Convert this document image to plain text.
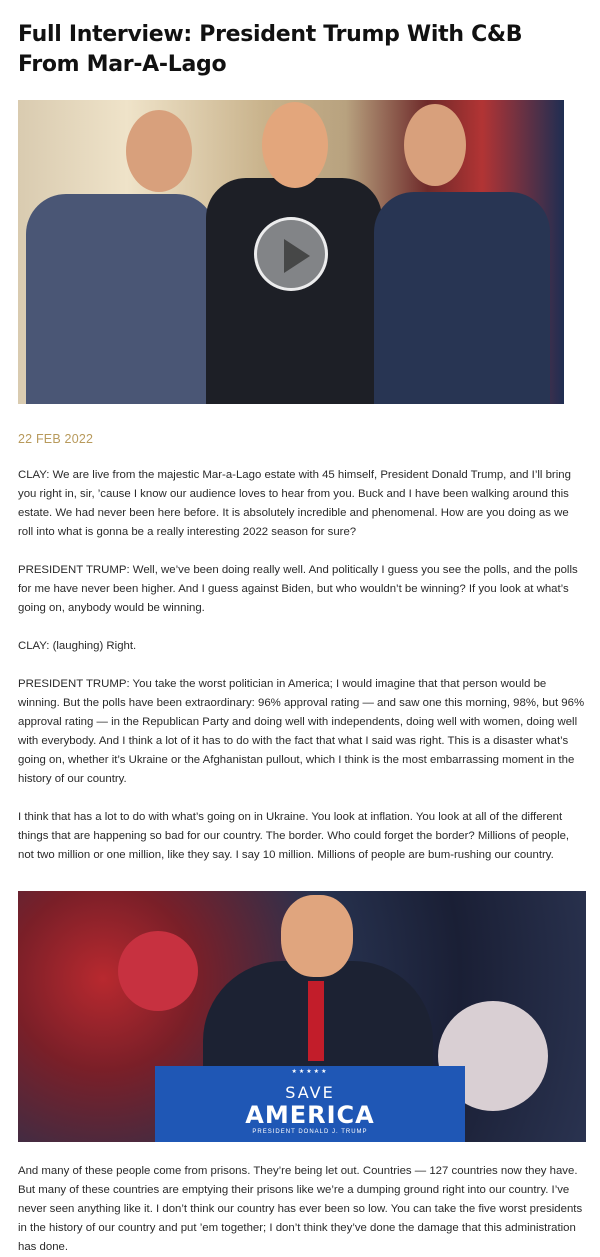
Full Interview: President Trump With C&B From Mar-A-Lago
22 FEB 2022

CLAY: We are live from the majestic Mar-a-Lago estate with 45 himself, President Donald Trump, and I’ll bring you right in, sir, ’cause I know our audience loves to hear from you. Buck and I have been walking around this estate. We had never been here before. It is absolutely incredible and phenomenal. How are you doing as we roll into what is gonna be a really interesting 2022 season for sure?

PRESIDENT TRUMP: Well, we’ve been doing really well. And politically I guess you see the polls, and the polls for me have never been higher. And I guess against Biden, but who wouldn’t be winning? If you look at what’s going on, anybody would be winning.

CLAY: (laughing) Right.

PRESIDENT TRUMP: You take the worst politician in America; I would imagine that that person would be winning. But the polls have been extraordinary: 96% approval rating — and saw one this morning, 98%, but 96% approval rating — in the Republican Party and doing well with independents, doing well with women, doing well with everybody. And I think a lot of it has to do with the fact that what I said was right. This is a disaster what’s going on, whether it’s Ukraine or the Afghanistan pullout, which I think is the most embarrassing moment in the history of our country.

I think that has a lot to do with what’s going on in Ukraine. You look at inflation. You look at all of the different things that are happening so bad for our country. The border. Who could forget the border? Millions of people, not two million or one million, like they say. I say 10 million. Millions of people are bum-rushing our country.

★★★★★
SAVE
AMERICA
PRESIDENT DONALD J. TRUMP

And many of these people come from prisons. They’re being let out. Countries — 127 countries now they have. But many of these countries are emptying their prisons like we’re a dumping ground right into our country. I’ve never seen anything like it. I don’t think our country has ever been so low. You can take the five worst presidents in the history of our country and put ’em together; I don’t think they’ve done the damage that this administration has done.
